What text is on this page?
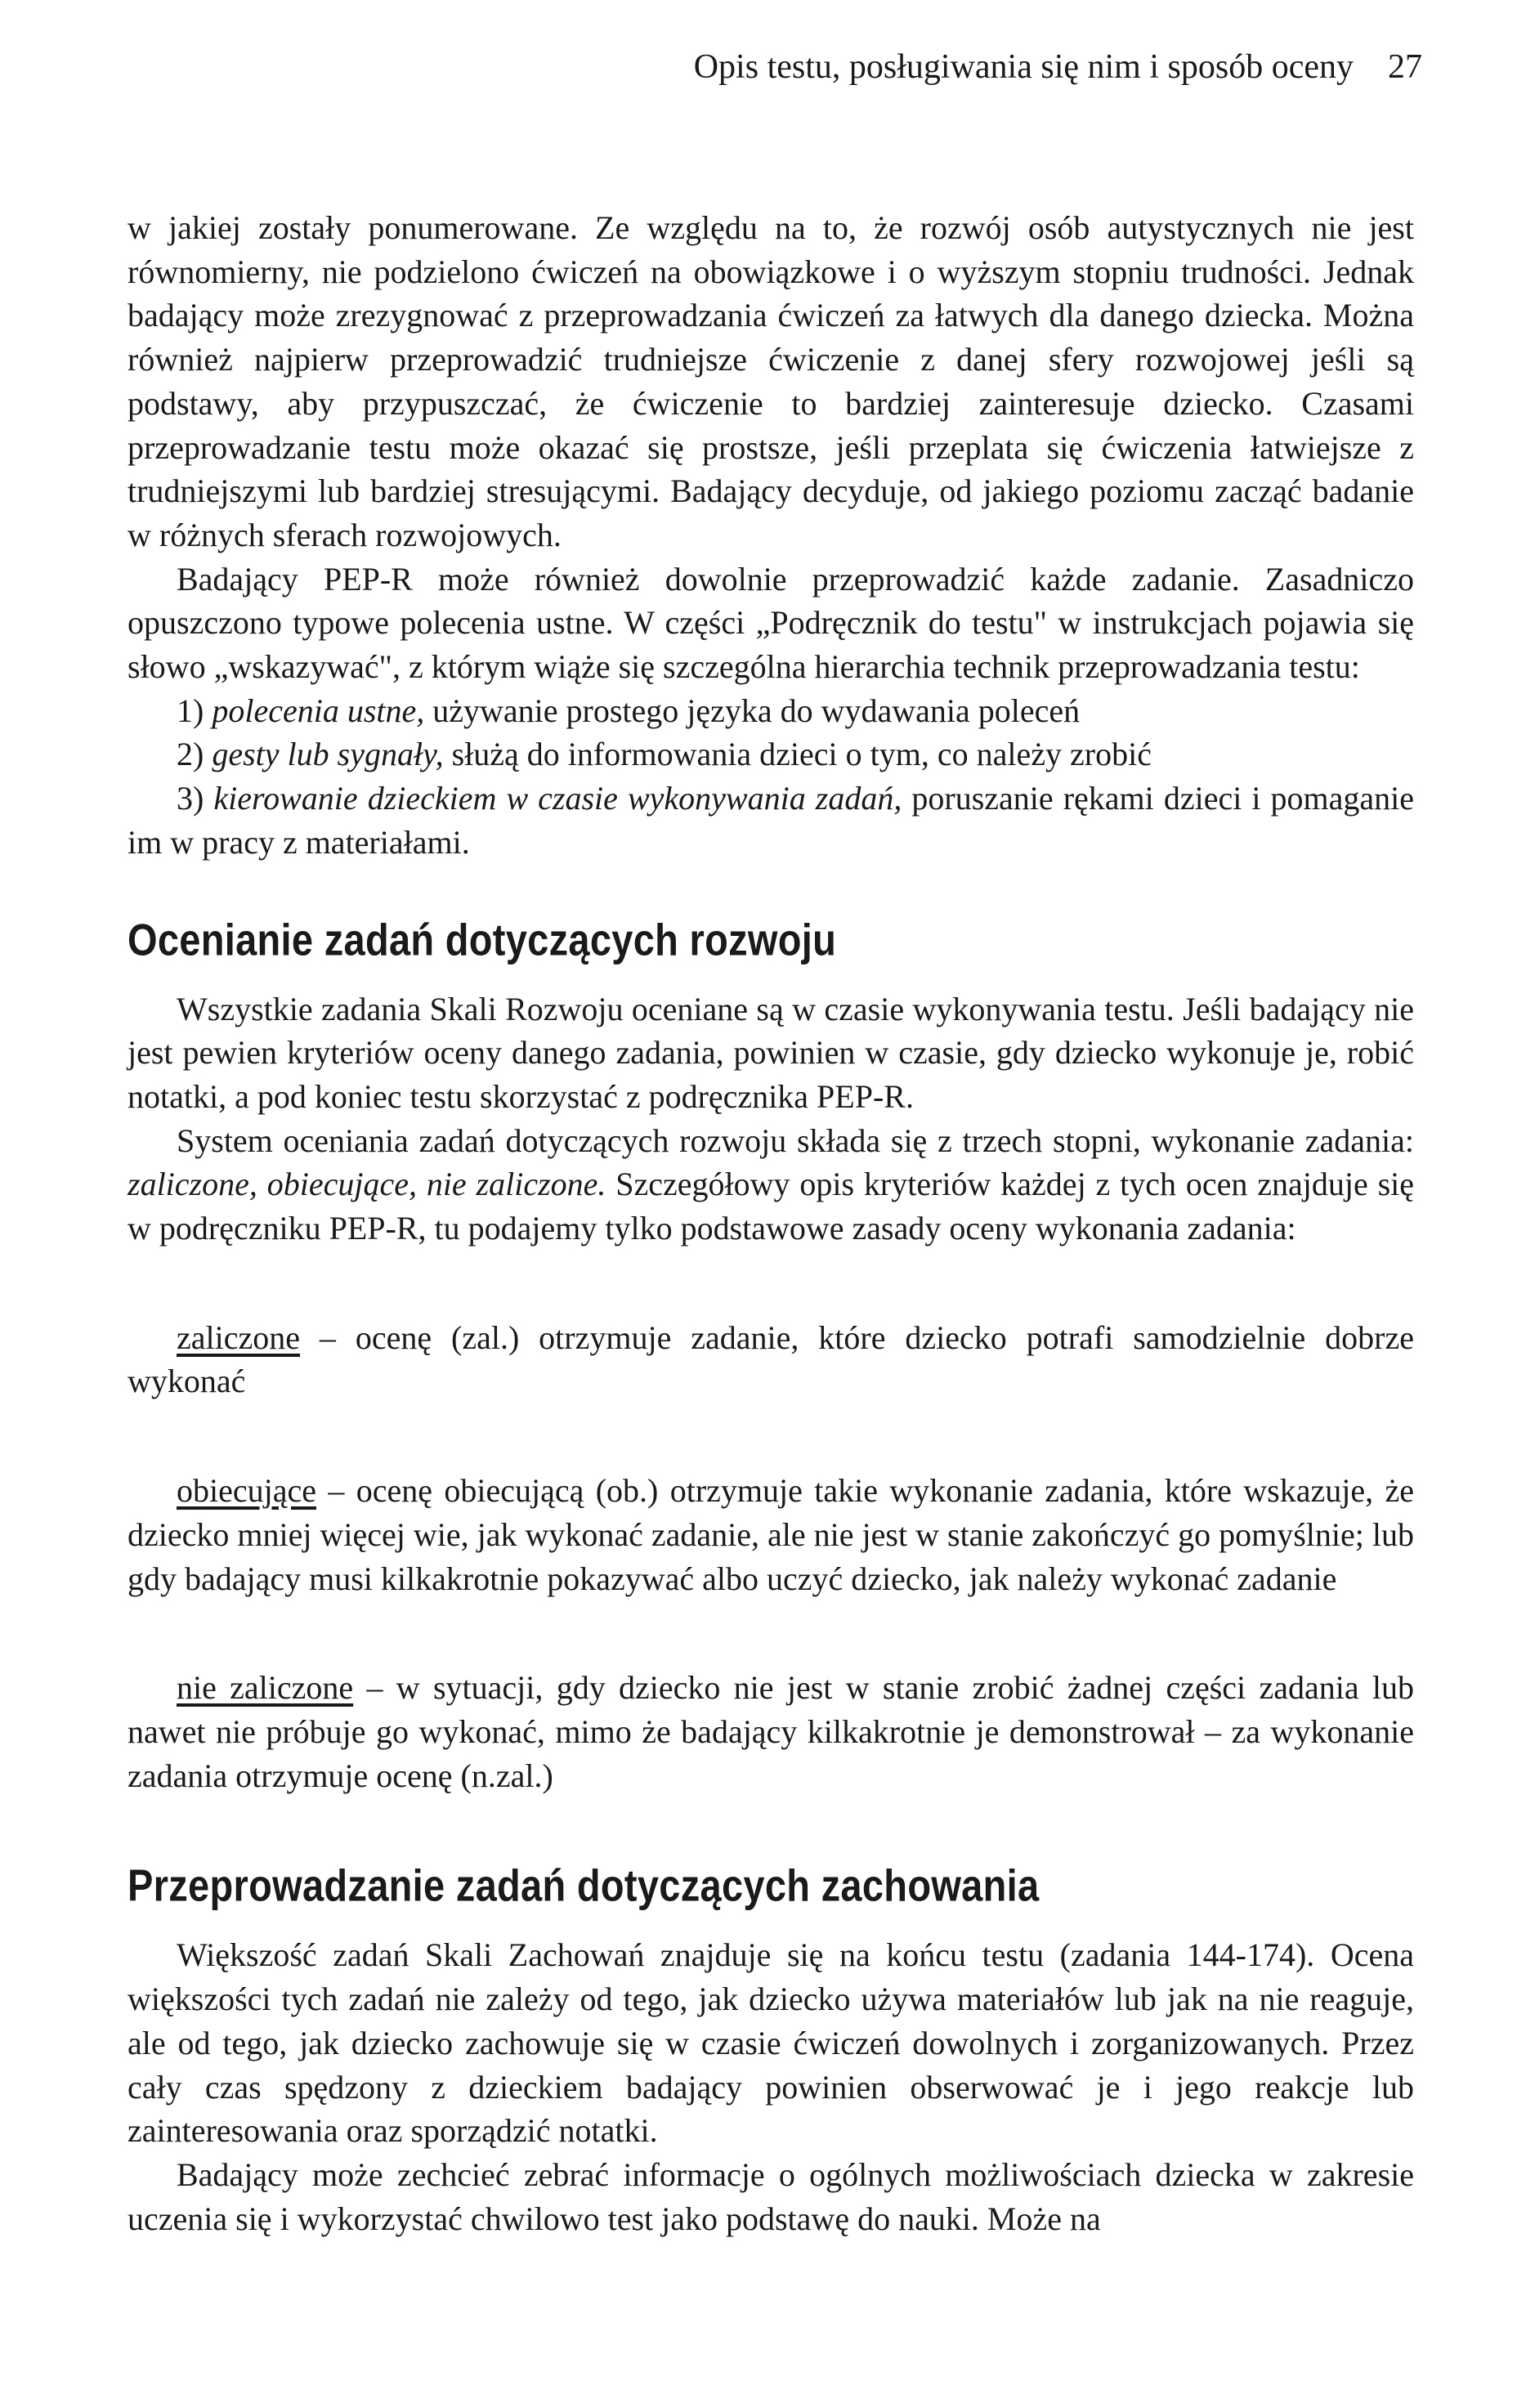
Opis testu, posługiwania się nim i sposób oceny 27

w jakiej zostały ponumerowane. Ze względu na to, że rozwój osób autystycznych nie jest równomierny, nie podzielono ćwiczeń na obowiązkowe i o wyższym stopniu trudności. Jednak badający może zrezygnować z przeprowadzania ćwiczeń za łatwych dla danego dziecka. Można również najpierw przeprowadzić trudniejsze ćwiczenie z danej sfery rozwojowej jeśli są podstawy, aby przypuszczać, że ćwiczenie to bardziej zainteresuje dziecko. Czasami przeprowadzanie testu może okazać się prostsze, jeśli przeplata się ćwiczenia łatwiejsze z trudniejszymi lub bardziej stresującymi. Badający decyduje, od jakiego poziomu zacząć badanie w różnych sferach rozwojowych.

Badający PEP-R może również dowolnie przeprowadzić każde zadanie. Zasadniczo opuszczono typowe polecenia ustne. W części „Podręcznik do testu" w instrukcjach pojawia się słowo „wskazywać", z którym wiąże się szczególna hierarchia technik przeprowadzania testu:

1) polecenia ustne, używanie prostego języka do wydawania poleceń

2) gesty lub sygnały, służą do informowania dzieci o tym, co należy zrobić

3) kierowanie dzieckiem w czasie wykonywania zadań, poruszanie rękami dzieci i pomaganie im w pracy z materiałami.

Ocenianie zadań dotyczących rozwoju

Wszystkie zadania Skali Rozwoju oceniane są w czasie wykonywania testu. Jeśli badający nie jest pewien kryteriów oceny danego zadania, powinien w czasie, gdy dziecko wykonuje je, robić notatki, a pod koniec testu skorzystać z podręcznika PEP-R.

System oceniania zadań dotyczących rozwoju składa się z trzech stopni, wykonanie zadania: zaliczone, obiecujące, nie zaliczone. Szczegółowy opis kryteriów każdej z tych ocen znajduje się w podręczniku PEP-R, tu podajemy tylko podstawowe zasady oceny wykonania zadania:

zaliczone – ocenę (zal.) otrzymuje zadanie, które dziecko potrafi samodzielnie dobrze wykonać

obiecujące – ocenę obiecującą (ob.) otrzymuje takie wykonanie zadania, które wskazuje, że dziecko mniej więcej wie, jak wykonać zadanie, ale nie jest w stanie zakończyć go pomyślnie; lub gdy badający musi kilkakrotnie pokazywać albo uczyć dziecko, jak należy wykonać zadanie

nie zaliczone – w sytuacji, gdy dziecko nie jest w stanie zrobić żadnej części zadania lub nawet nie próbuje go wykonać, mimo że badający kilkakrotnie je demonstrował – za wykonanie zadania otrzymuje ocenę (n.zal.)

Przeprowadzanie zadań dotyczących zachowania

Większość zadań Skali Zachowań znajduje się na końcu testu (zadania 144-174). Ocena większości tych zadań nie zależy od tego, jak dziecko używa materiałów lub jak na nie reaguje, ale od tego, jak dziecko zachowuje się w czasie ćwiczeń dowolnych i zorganizowanych. Przez cały czas spędzony z dzieckiem badający powinien obserwować je i jego reakcje lub zainteresowania oraz sporządzić notatki.

Badający może zechcieć zebrać informacje o ogólnych możliwościach dziecka w zakresie uczenia się i wykorzystać chwilowo test jako podstawę do nauki. Może na
